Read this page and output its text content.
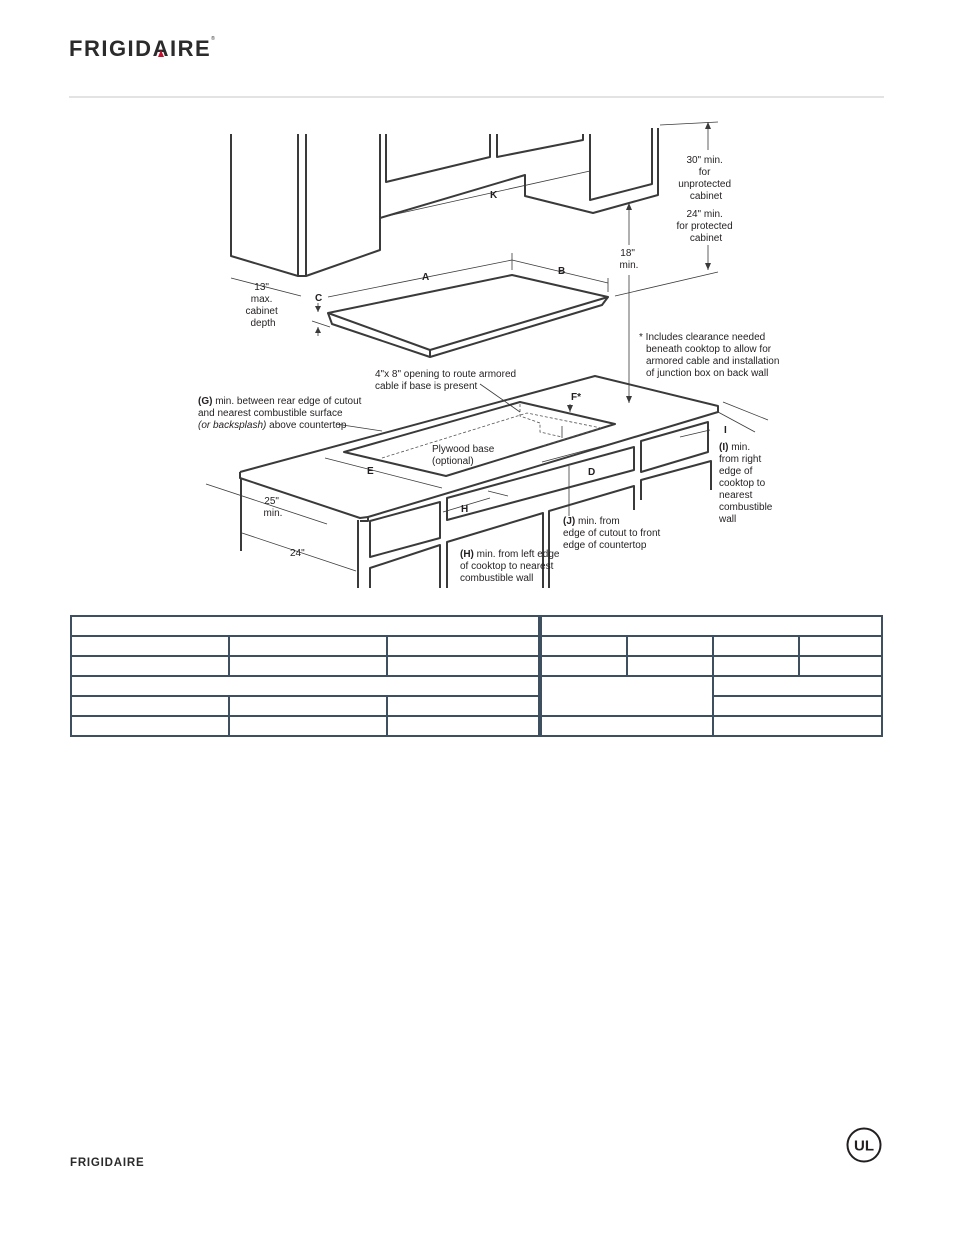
FRIGID
AIRE®
K
A
B
C
D
E
F*
H
I
30" min. for unprotected cabinet
24" min. for protected cabinet
18" min.
13" max. cabinet depth
* Includes clearance needed beneath cooktop to allow for armored cable and installation of junction box on back wall
4"x 8" opening to route armored cable if base is present
(G) min. between rear edge of cutout and nearest combustible surface (or backsplash) above countertop
Plywood base (optional)
(I) min. from right edge of cooktop to nearest combustible wall
25" min.
24"
(J) min. from edge of cutout to front edge of countertop
(H) min. from left edge of cooktop to nearest combustible wall

FRIGIDAIRE
UL
